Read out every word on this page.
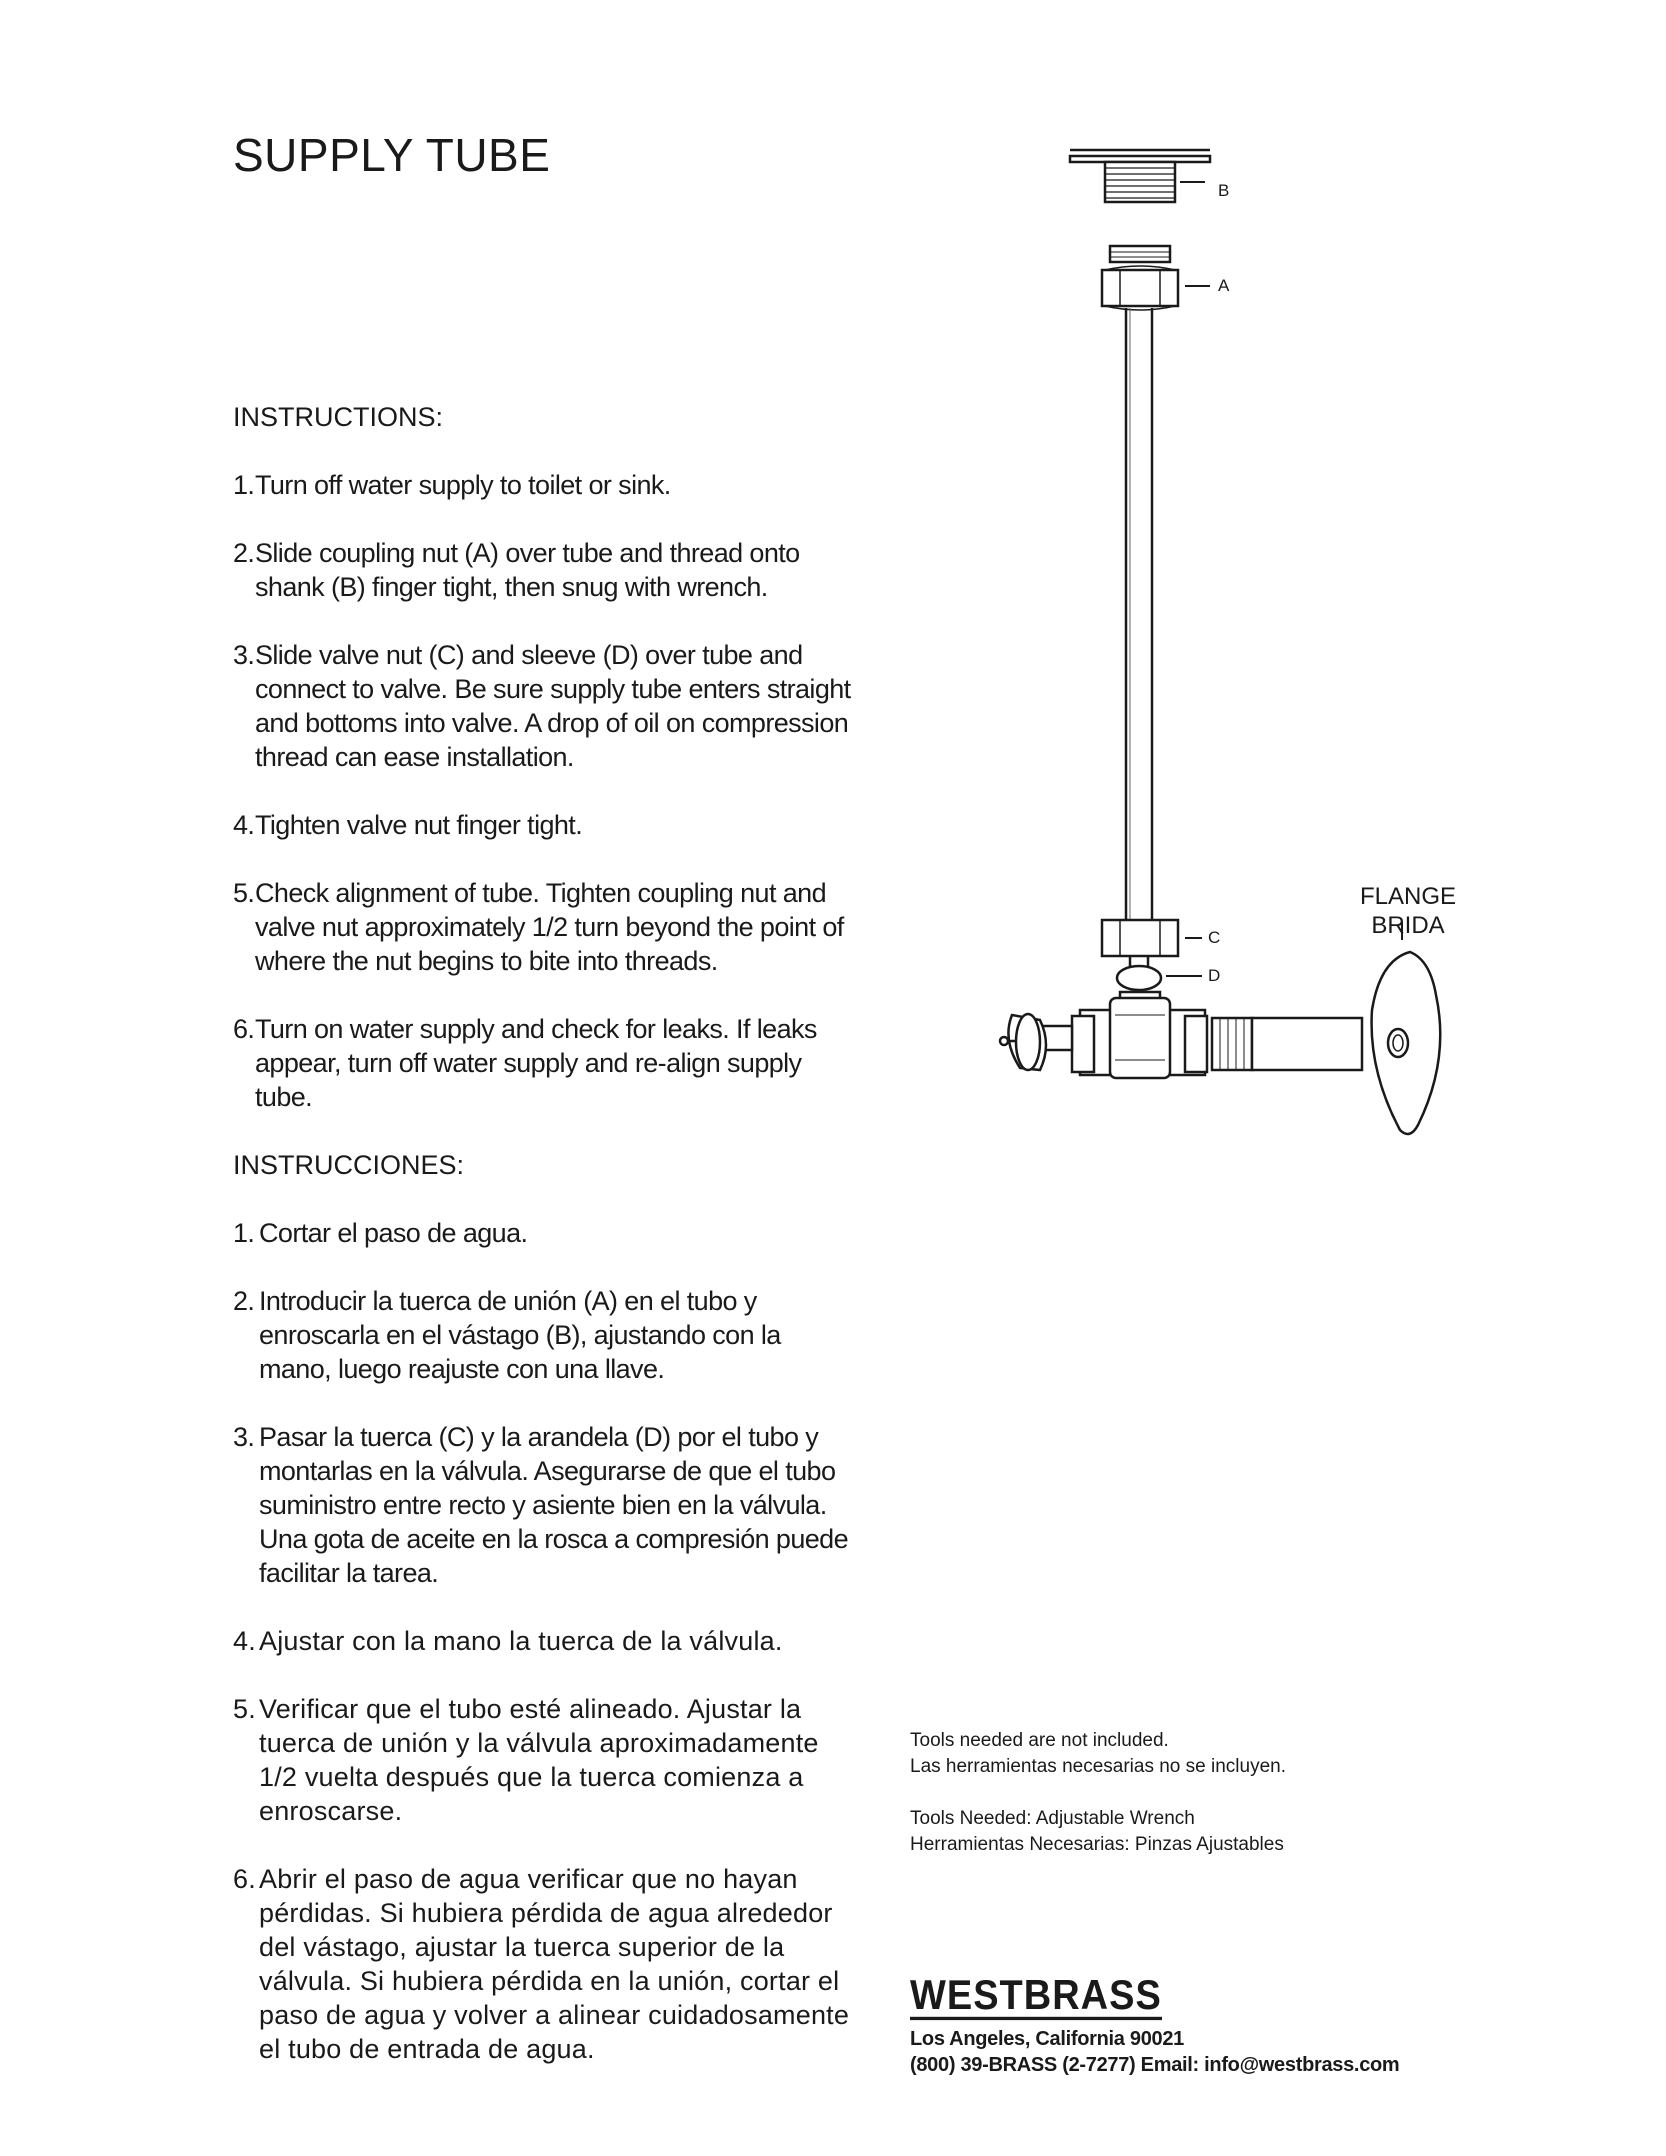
SUPPLY TUBE

INSTRUCTIONS:

1. Turn off water supply to toilet or sink.
2. Slide coupling nut (A) over tube and thread onto shank (B) finger tight, then snug with wrench.
3. Slide valve nut (C) and sleeve (D) over tube and connect to valve. Be sure supply tube enters straight and bottoms into valve. A drop of oil on compression thread can ease installation.
4. Tighten valve nut finger tight.
5. Check alignment of tube. Tighten coupling nut and valve nut approximately 1/2 turn beyond the point of where the nut begins to bite into threads.
6. Turn on water supply and check for leaks. If leaks appear, turn off water supply and re-align supply tube.

INSTRUCCIONES:

1. Cortar el paso de agua.
2. Introducir la tuerca de unión (A) en el tubo y enroscarla en el vástago (B), ajustando con la mano, luego reajuste con una llave.
3. Pasar la tuerca (C) y la arandela (D) por el tubo y montarlas en la válvula. Asegurarse de que el tubo suministro entre recto y asiente bien en la válvula. Una gota de aceite en la rosca a compresión puede facilitar la tarea.
4. Ajustar con la mano la tuerca de la válvula.
5. Verificar que el tubo esté alineado. Ajustar la tuerca de unión y la válvula aproximadamente 1/2 vuelta después que la tuerca comienza a enroscarse.
6. Abrir el paso de agua verificar que no hayan pérdidas. Si hubiera pérdida de agua alrededor del vástago, ajustar la tuerca superior de la válvula. Si hubiera pérdida en la unión, cortar el paso de agua y volver a alinear cuidadosamente el tubo de entrada de agua.
B
A
C
D
FLANGE
BRIDA

Tools needed are not included.

Las herramientas necesarias no se incluyen.

Tools Needed: Adjustable Wrench

Herramientas Necesarias: Pinzas Ajustables

WESTBRASS

Los Angeles, California 90021

(800) 39-BRASS (2-7277) Email: info@westbrass.com
